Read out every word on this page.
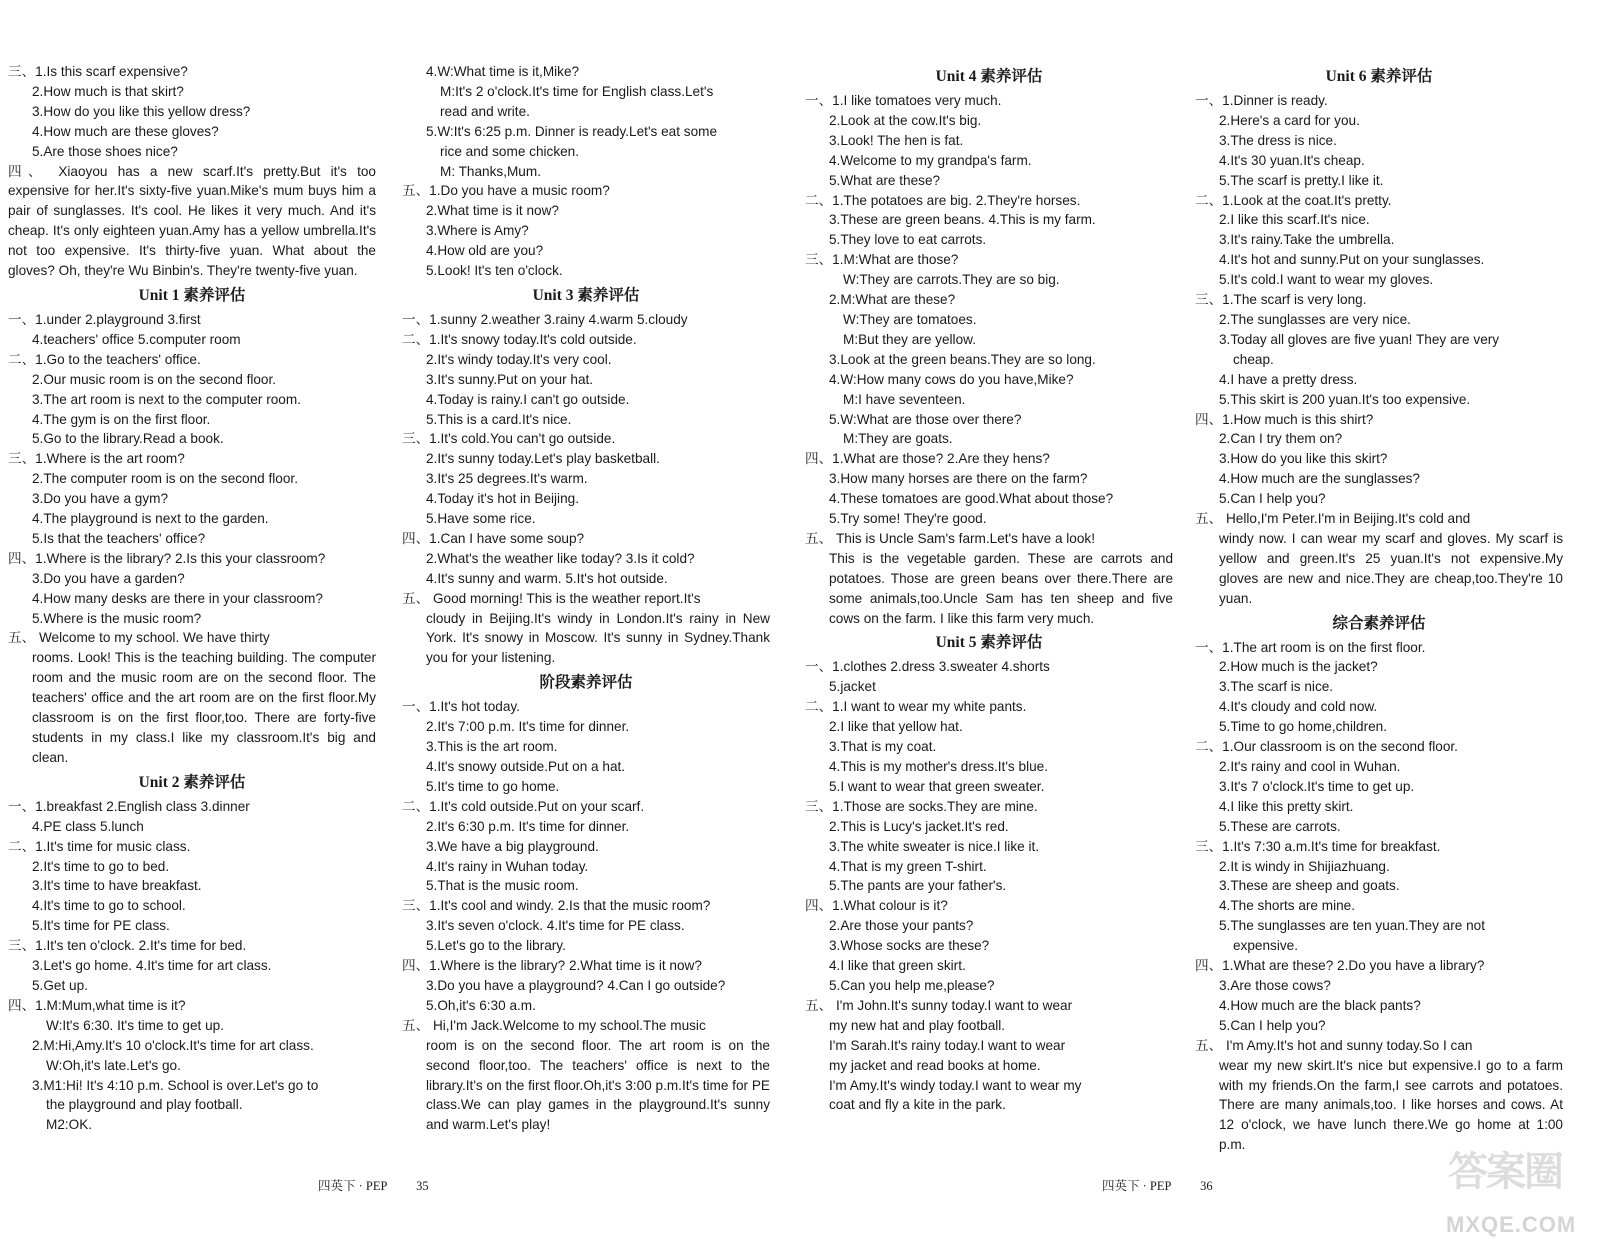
三、1.Is this scarf expensive?

2.How much is that skirt?

3.How do you like this yellow dress?

4.How much are these gloves?

5.Are those shoes nice?

四、 Xiaoyou has a new scarf.It's pretty.But it's too expensive for her.It's sixty-five yuan.Mike's mum buys him a pair of sunglasses. It's cool. He likes it very much. And it's cheap. It's only eighteen yuan.Amy has a yellow umbrella.It's not too expensive. It's thirty-five yuan. What about the gloves? Oh, they're Wu Binbin's. They're twenty-five yuan.

Unit 1 素养评估

一、1.under 2.playground 3.first

4.teachers' office 5.computer room

二、1.Go to the teachers' office.

2.Our music room is on the second floor.

3.The art room is next to the computer room.

4.The gym is on the first floor.

5.Go to the library.Read a book.

三、1.Where is the art room?

2.The computer room is on the second floor.

3.Do you have a gym?

4.The playground is next to the garden.

5.Is that the teachers' office?

四、1.Where is the library? 2.Is this your classroom?

3.Do you have a garden?

4.How many desks are there in your classroom?

5.Where is the music room?

五、 Welcome to my school. We have thirty

rooms. Look! This is the teaching building. The computer room and the music room are on the second floor. The teachers' office and the art room are on the first floor.My classroom is on the first floor,too. There are forty-five students in my class.I like my classroom.It's big and clean.

Unit 2 素养评估

一、1.breakfast 2.English class 3.dinner

4.PE class 5.lunch

二、1.It's time for music class.

2.It's time to go to bed.

3.It's time to have breakfast.

4.It's time to go to school.

5.It's time for PE class.

三、1.It's ten o'clock. 2.It's time for bed.

3.Let's go home. 4.It's time for art class.

5.Get up.

四、1.M:Mum,what time is it?

W:It's 6:30. It's time to get up.

2.M:Hi,Amy.It's 10 o'clock.It's time for art class.

W:Oh,it's late.Let's go.

3.M1:Hi! It's 4:10 p.m. School is over.Let's go to

the playground and play football.

M2:OK.

4.W:What time is it,Mike?

M:It's 2 o'clock.It's time for English class.Let's

read and write.

5.W:It's 6:25 p.m. Dinner is ready.Let's eat some

rice and some chicken.

M: Thanks,Mum.

五、1.Do you have a music room?

2.What time is it now?

3.Where is Amy?

4.How old are you?

5.Look! It's ten o'clock.

Unit 3 素养评估

一、1.sunny 2.weather 3.rainy 4.warm 5.cloudy

二、1.It's snowy today.It's cold outside.

2.It's windy today.It's very cool.

3.It's sunny.Put on your hat.

4.Today is rainy.I can't go outside.

5.This is a card.It's nice.

三、1.It's cold.You can't go outside.

2.It's sunny today.Let's play basketball.

3.It's 25 degrees.It's warm.

4.Today it's hot in Beijing.

5.Have some rice.

四、1.Can I have some soup?

2.What's the weather like today? 3.Is it cold?

4.It's sunny and warm. 5.It's hot outside.

五、 Good morning! This is the weather report.It's

cloudy in Beijing.It's windy in London.It's rainy in New York. It's snowy in Moscow. It's sunny in Sydney.Thank you for your listening.

阶段素养评估

一、1.It's hot today.

2.It's 7:00 p.m. It's time for dinner.

3.This is the art room.

4.It's snowy outside.Put on a hat.

5.It's time to go home.

二、1.It's cold outside.Put on your scarf.

2.It's 6:30 p.m. It's time for dinner.

3.We have a big playground.

4.It's rainy in Wuhan today.

5.That is the music room.

三、1.It's cool and windy. 2.Is that the music room?

3.It's seven o'clock. 4.It's time for PE class.

5.Let's go to the library.

四、1.Where is the library? 2.What time is it now?

3.Do you have a playground? 4.Can I go outside?

5.Oh,it's 6:30 a.m.

五、 Hi,I'm Jack.Welcome to my school.The music

room is on the second floor. The art room is on the second floor,too. The teachers' office is next to the library.It's on the first floor.Oh,it's 3:00 p.m.It's time for PE class.We can play games in the playground.It's sunny and warm.Let's play!

Unit 4 素养评估

一、1.I like tomatoes very much.

2.Look at the cow.It's big.

3.Look! The hen is fat.

4.Welcome to my grandpa's farm.

5.What are these?

二、1.The potatoes are big. 2.They're horses.

3.These are green beans. 4.This is my farm.

5.They love to eat carrots.

三、1.M:What are those?

W:They are carrots.They are so big.

2.M:What are these?

W:They are tomatoes.

M:But they are yellow.

3.Look at the green beans.They are so long.

4.W:How many cows do you have,Mike?

M:I have seventeen.

5.W:What are those over there?

M:They are goats.

四、1.What are those? 2.Are they hens?

3.How many horses are there on the farm?

4.These tomatoes are good.What about those?

5.Try some! They're good.

五、 This is Uncle Sam's farm.Let's have a look!

This is the vegetable garden. These are carrots and potatoes. Those are green beans over there.There are some animals,too.Uncle Sam has ten sheep and five cows on the farm. I like this farm very much.

Unit 5 素养评估

一、1.clothes 2.dress 3.sweater 4.shorts

5.jacket

二、1.I want to wear my white pants.

2.I like that yellow hat.

3.That is my coat.

4.This is my mother's dress.It's blue.

5.I want to wear that green sweater.

三、1.Those are socks.They are mine.

2.This is Lucy's jacket.It's red.

3.The white sweater is nice.I like it.

4.That is my green T-shirt.

5.The pants are your father's.

四、1.What colour is it?

2.Are those your pants?

3.Whose socks are these?

4.I like that green skirt.

5.Can you help me,please?

五、 I'm John.It's sunny today.I want to wear

my new hat and play football.

I'm Sarah.It's rainy today.I want to wear

my jacket and read books at home.

I'm Amy.It's windy today.I want to wear my

coat and fly a kite in the park.

Unit 6 素养评估

一、1.Dinner is ready.

2.Here's a card for you.

3.The dress is nice.

4.It's 30 yuan.It's cheap.

5.The scarf is pretty.I like it.

二、1.Look at the coat.It's pretty.

2.I like this scarf.It's nice.

3.It's rainy.Take the umbrella.

4.It's hot and sunny.Put on your sunglasses.

5.It's cold.I want to wear my gloves.

三、1.The scarf is very long.

2.The sunglasses are very nice.

3.Today all gloves are five yuan! They are very

cheap.

4.I have a pretty dress.

5.This skirt is 200 yuan.It's too expensive.

四、1.How much is this shirt?

2.Can I try them on?

3.How do you like this skirt?

4.How much are the sunglasses?

5.Can I help you?

五、 Hello,I'm Peter.I'm in Beijing.It's cold and

windy now. I can wear my scarf and gloves. My scarf is yellow and green.It's 25 yuan.It's not expensive.My gloves are new and nice.They are cheap,too.They're 10 yuan.

综合素养评估

一、1.The art room is on the first floor.

2.How much is the jacket?

3.The scarf is nice.

4.It's cloudy and cold now.

5.Time to go home,children.

二、1.Our classroom is on the second floor.

2.It's rainy and cool in Wuhan.

3.It's 7 o'clock.It's time to get up.

4.I like this pretty skirt.

5.These are carrots.

三、1.It's 7:30 a.m.It's time for breakfast.

2.It is windy in Shijiazhuang.

3.These are sheep and goats.

4.The shorts are mine.

5.The sunglasses are ten yuan.They are not

expensive.

四、1.What are these? 2.Do you have a library?

3.Are those cows?

4.How much are the black pants?

5.Can I help you?

五、 I'm Amy.It's hot and sunny today.So I can

wear my new skirt.It's nice but expensive.I go to a farm with my friends.On the farm,I see carrots and potatoes. There are many animals,too. I like horses and cows. At 12 o'clock, we have lunch there.We go home at 1:00 p.m.

四英下 · PEP 35	四英下 · PEP 36	答案圈
MXQE.COM
